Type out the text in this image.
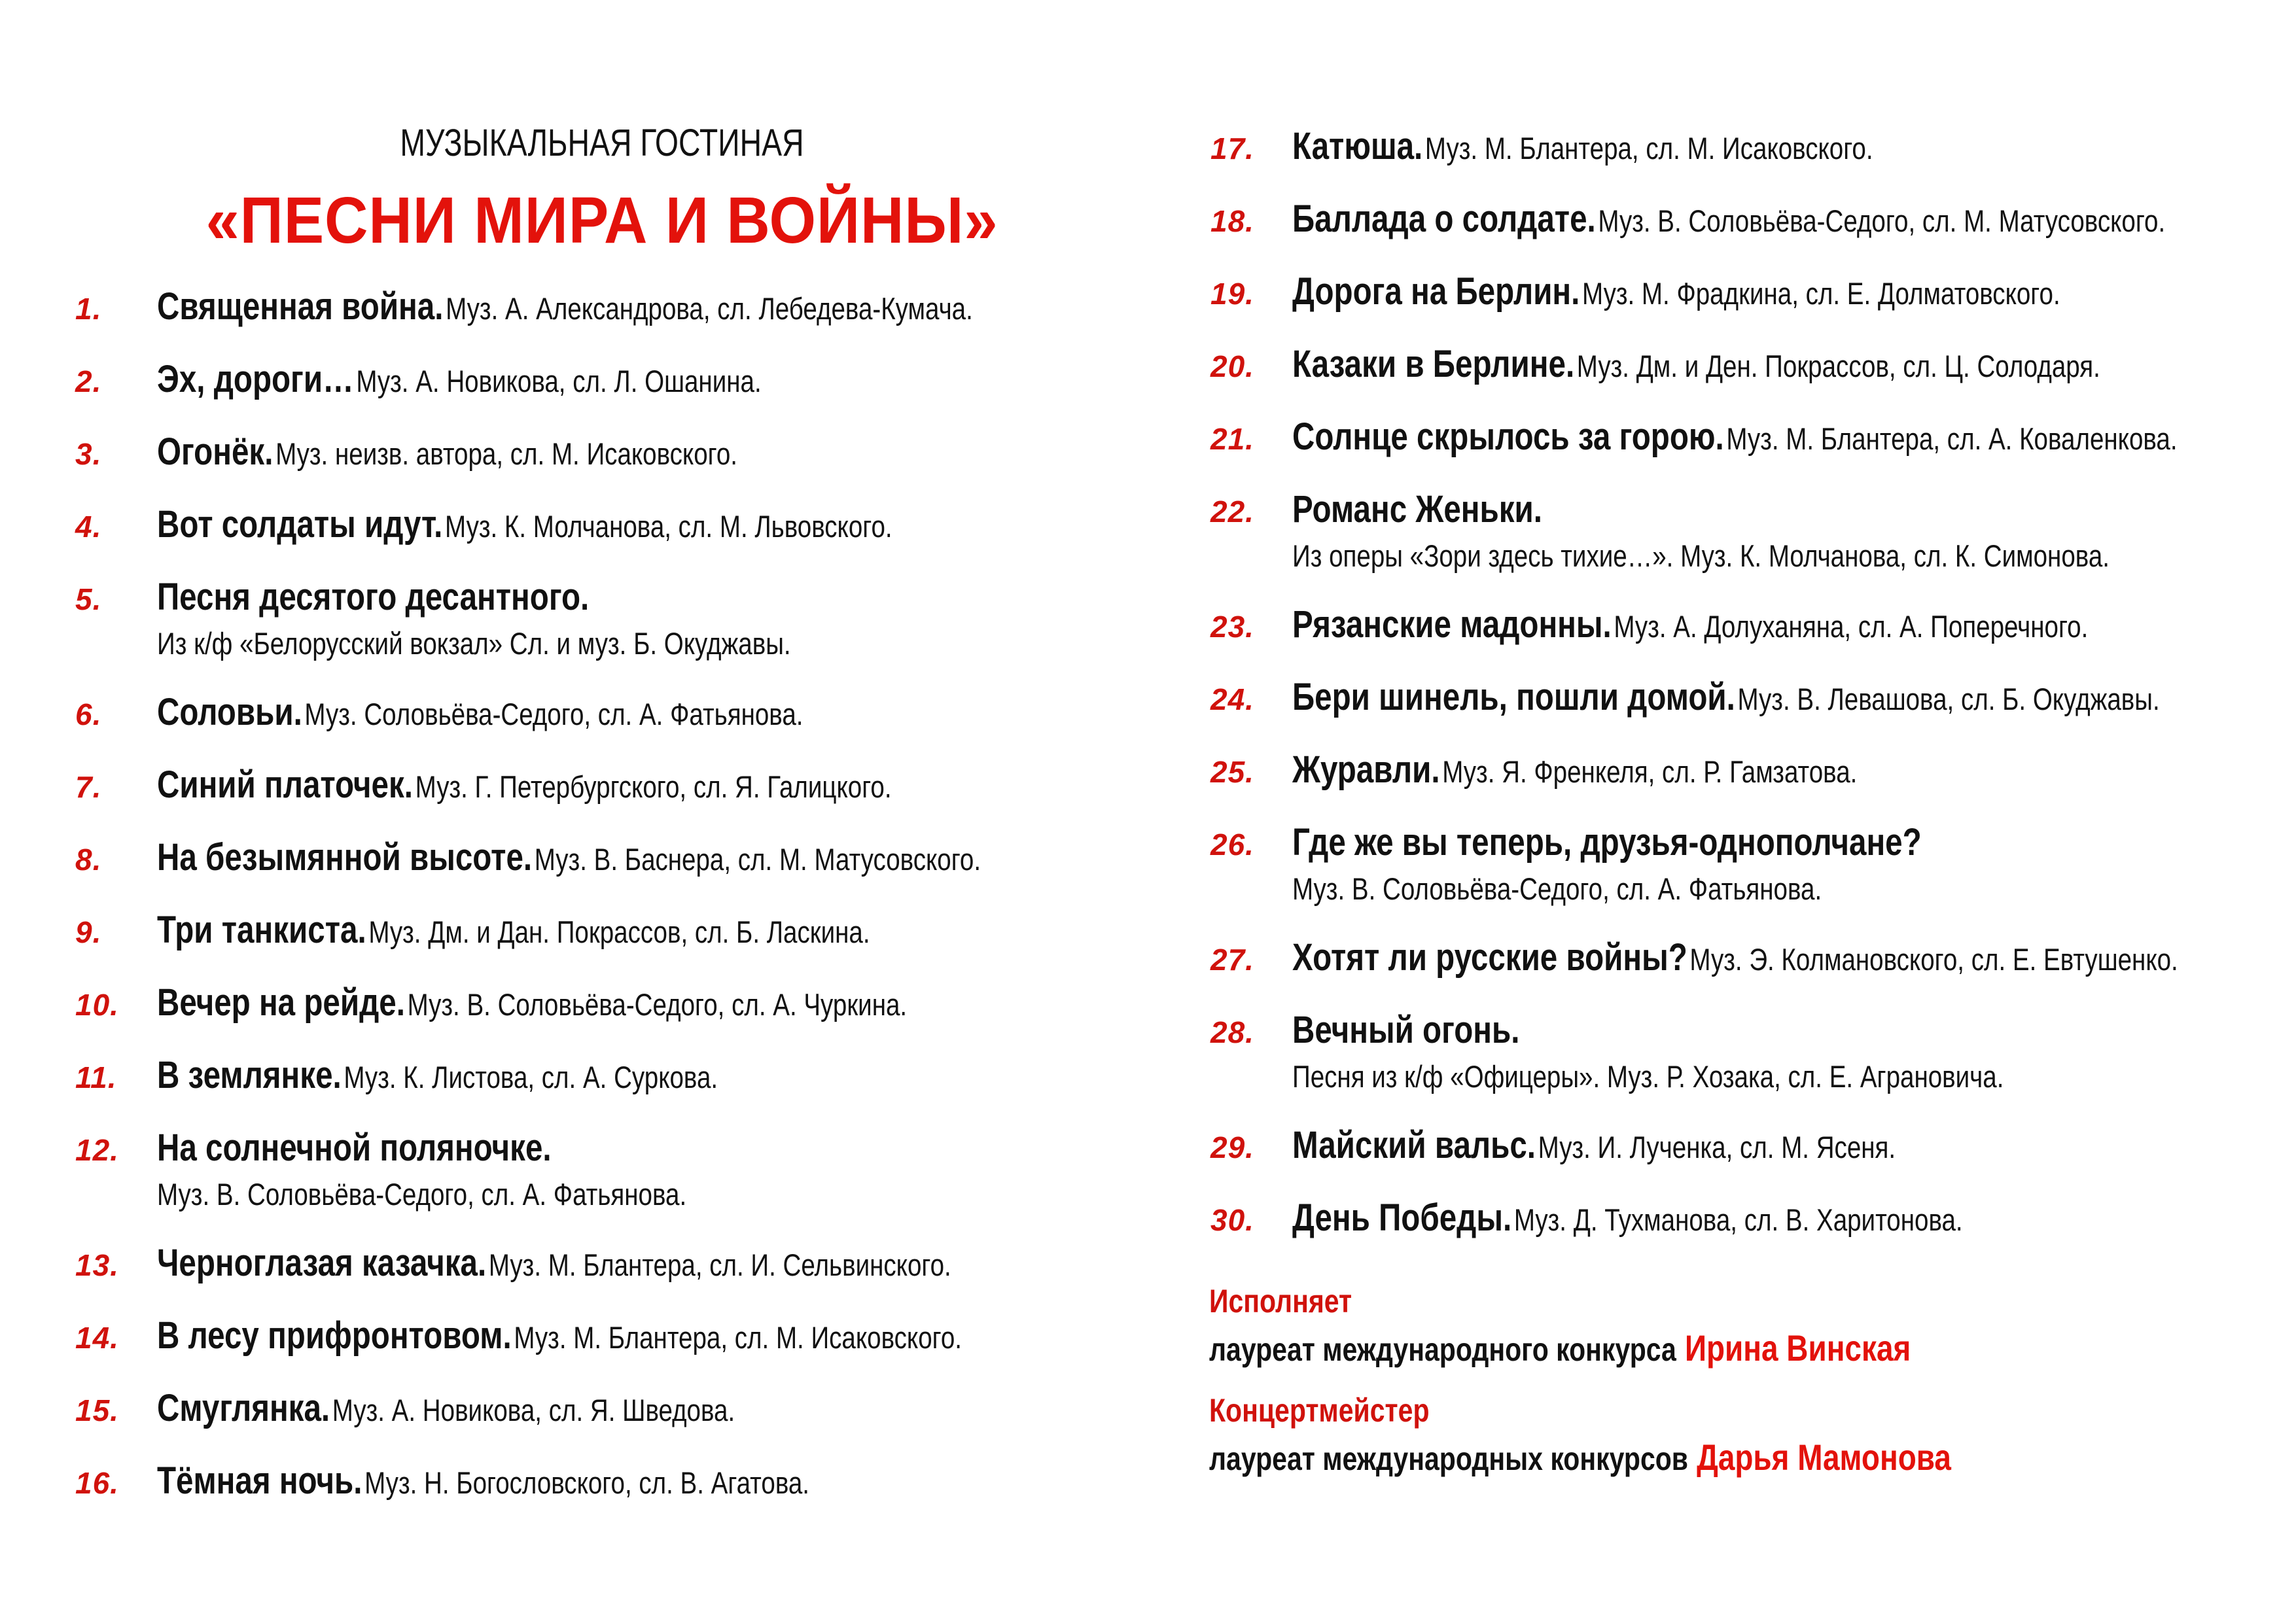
МУЗЫКАЛЬНАЯ ГОСТИНАЯ
«ПЕСНИ МИРА И ВОЙНЫ»
1. Священная война. Муз. А. Александрова, сл. Лебедева-Кумача.
2. Эх, дороги… Муз. А. Новикова, сл. Л. Ошанина.
3. Огонёк. Муз. неизв. автора, сл. М. Исаковского.
4. Вот солдаты идут. Муз. К. Молчанова, сл. М. Львовского.
5. Песня десятого десантного.
Из к/ф «Белорусский вокзал» Сл. и муз. Б. Окуджавы.
6. Соловьи. Муз. Соловьёва-Седого, сл. А. Фатьянова.
7. Синий платочек. Муз. Г. Петербургского, сл. Я. Галицкого.
8. На безымянной высоте. Муз. В. Баснера, сл. М. Матусовского.
9. Три танкиста. Муз. Дм. и Дан. Покрассов, сл. Б. Ласкина.
10. Вечер на рейде. Муз. В. Соловьёва-Седого, сл. А. Чуркина.
11. В землянке. Муз. К. Листова, сл. А. Суркова.
12. На солнечной поляночке.
Муз. В. Соловьёва-Седого, сл. А. Фатьянова.
13. Черноглазая казачка. Муз. М. Блантера, сл. И. Сельвинского.
14. В лесу прифронтовом. Муз. М. Блантера, сл. М. Исаковского.
15. Смуглянка. Муз. А. Новикова, сл. Я. Шведова.
16. Тёмная ночь. Муз. Н. Богословского, сл. В. Агатова.
17. Катюша. Муз. М. Блантера, сл. М. Исаковского.
18. Баллада о солдате. Муз. В. Соловьёва-Седого, сл. М. Матусовского.
19. Дорога на Берлин. Муз. М. Фрадкина, сл. Е. Долматовского.
20. Казаки в Берлине. Муз. Дм. и Ден. Покрассов, сл. Ц. Солодаря.
21. Солнце скрылось за горою. Муз. М. Блантера, сл. А. Коваленкова.
22. Романс Женьки.
Из оперы «Зори здесь тихие…». Муз. К. Молчанова, сл. К. Симонова.
23. Рязанские мадонны. Муз. А. Долуханяна, сл. А. Поперечного.
24. Бери шинель, пошли домой. Муз. В. Левашова, сл. Б. Окуджавы.
25. Журавли. Муз. Я. Френкеля, сл. Р. Гамзатова.
26. Где же вы теперь, друзья-однополчане?
Муз. В. Соловьёва-Седого, сл. А. Фатьянова.
27. Хотят ли русские войны? Муз. Э. Колмановского, сл. Е. Евтушенко.
28. Вечный огонь.
Песня из к/ф «Офицеры». Муз. Р. Хозака, сл. Е. Аграновича.
29. Майский вальс. Муз. И. Лученка, сл. М. Ясеня.
30. День Победы. Муз. Д. Тухманова, сл. В. Харитонова.
Исполняет
лауреат международного конкурса Ирина Винская
Концертмейстер
лауреат международных конкурсов Дарья Мамонова
